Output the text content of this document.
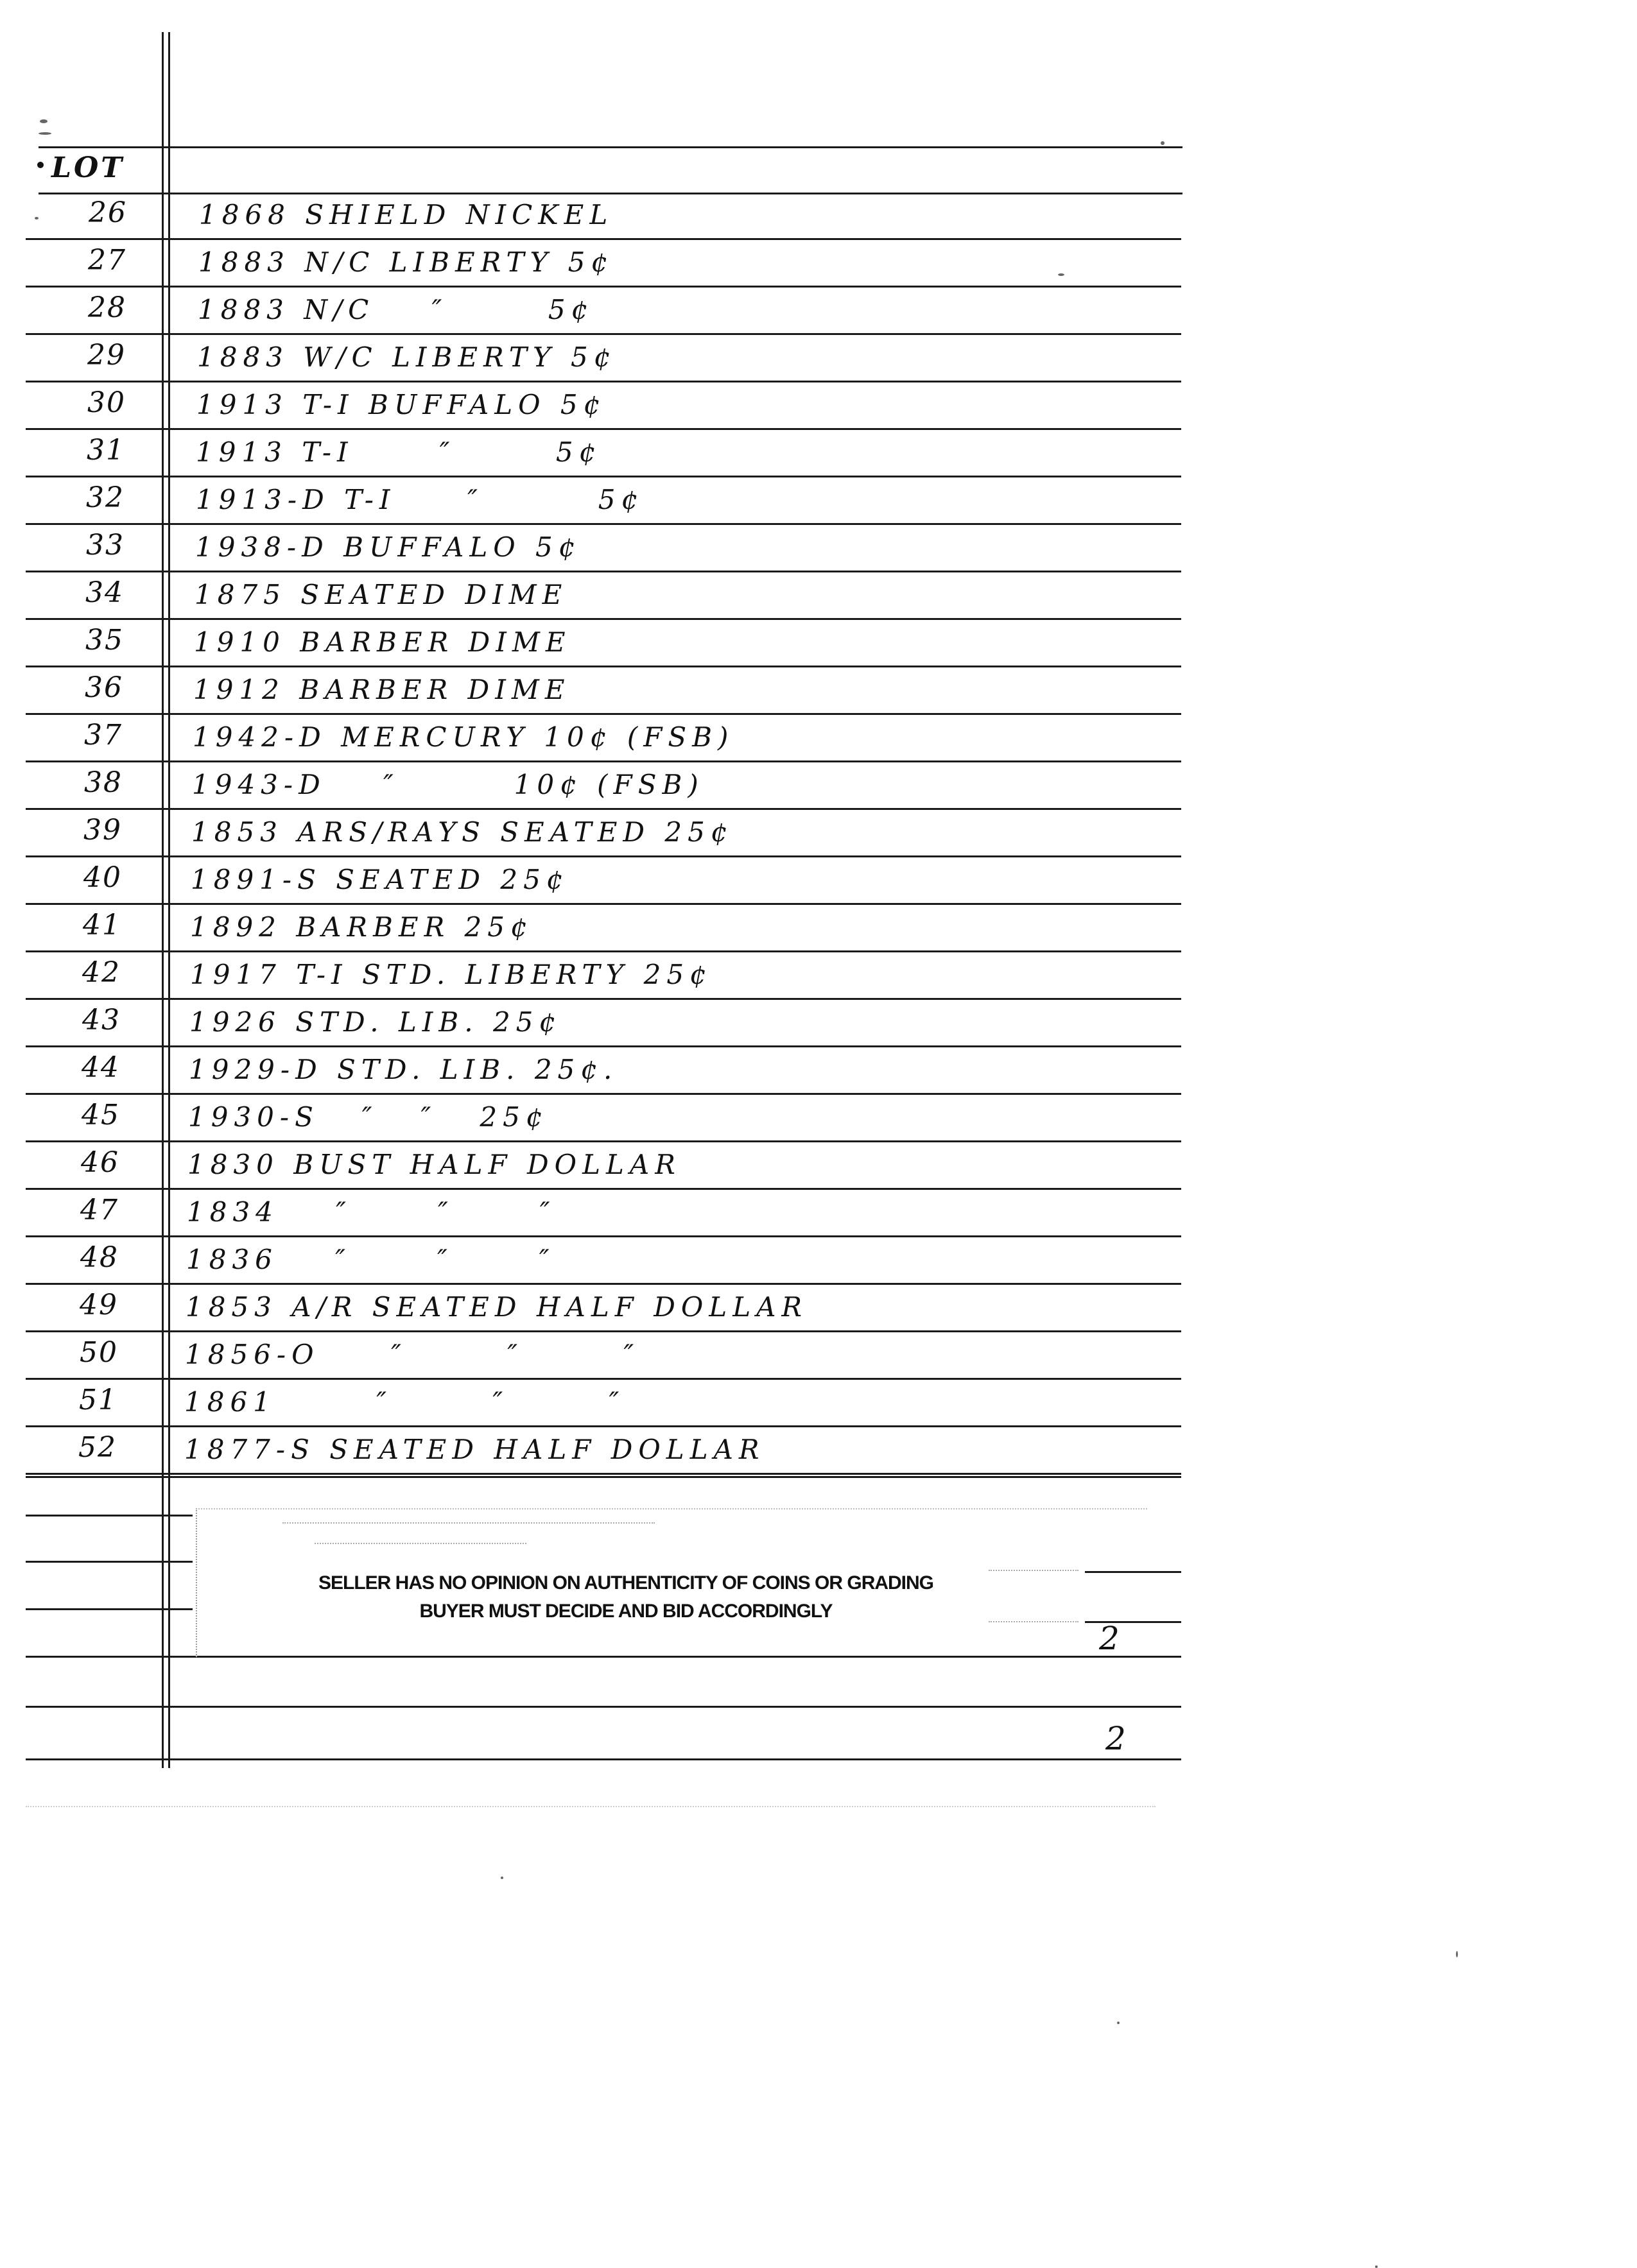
LOT
26	1868 SHIELD NICKEL
27	1883 N/C LIBERTY 5¢
28	1883 N/C    ″       5¢
29	1883 W/C LIBERTY 5¢
30	1913 T-I BUFFALO 5¢
31	1913 T-I      ″       5¢
32	1913-D T-I     ″        5¢
33	1938-D BUFFALO 5¢
34	1875 SEATED DIME
35	1910 BARBER DIME
36	1912 BARBER DIME
37	1942-D MERCURY 10¢ (FSB)
38	1943-D    ″        10¢ (FSB)
39	1853 ARS/RAYS SEATED 25¢
40	1891-S SEATED 25¢
41	1892 BARBER 25¢
42	1917 T-I STD. LIBERTY 25¢
43	1926 STD. LIB. 25¢
44	1929-D STD. LIB. 25¢.
45	1930-S   ″   ″   25¢
46	1830 BUST HALF DOLLAR
47	1834    ″      ″      ″
48	1836    ″      ″      ″
49	1853 A/R SEATED HALF DOLLAR
50	1856-O     ″       ″       ″
51	1861       ″       ″       ″
52	1877-S SEATED HALF DOLLAR
SELLER HAS NO OPINION ON AUTHENTICITY OF COINS OR GRADING
BUYER MUST DECIDE AND BID ACCORDINGLY
2
2
